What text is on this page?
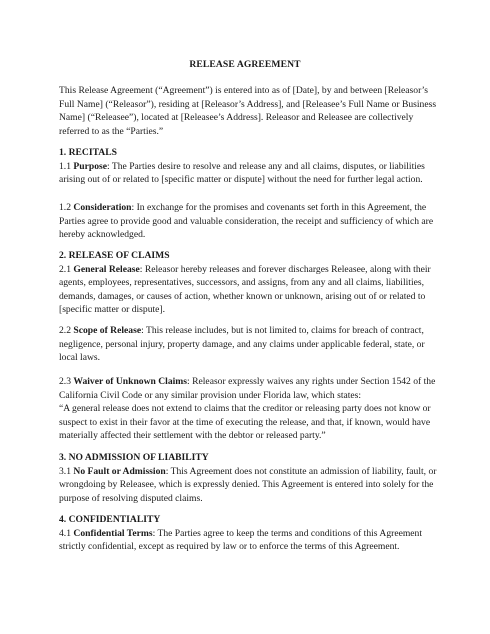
RELEASE AGREEMENT

This Release Agreement (“Agreement”) is entered into as of [Date], by and between [Releasor’s Full Name] (“Releasor”), residing at [Releasor’s Address], and [Releasee’s Full Name or Business Name] (“Releasee”), located at [Releasee’s Address]. Releasor and Releasee are collectively referred to as the “Parties.”

1. RECITALS

1.1 Purpose: The Parties desire to resolve and release any and all claims, disputes, or liabilities arising out of or related to [specific matter or dispute] without the need for further legal action.

1.2 Consideration: In exchange for the promises and covenants set forth in this Agreement, the Parties agree to provide good and valuable consideration, the receipt and sufficiency of which are hereby acknowledged.

2. RELEASE OF CLAIMS

2.1 General Release: Releasor hereby releases and forever discharges Releasee, along with their agents, employees, representatives, successors, and assigns, from any and all claims, liabilities, demands, damages, or causes of action, whether known or unknown, arising out of or related to [specific matter or dispute].

2.2 Scope of Release: This release includes, but is not limited to, claims for breach of contract, negligence, personal injury, property damage, and any claims under applicable federal, state, or local laws.

2.3 Waiver of Unknown Claims: Releasor expressly waives any rights under Section 1542 of the California Civil Code or any similar provision under Florida law, which states:

“A general release does not extend to claims that the creditor or releasing party does not know or suspect to exist in their favor at the time of executing the release, and that, if known, would have materially affected their settlement with the debtor or released party.”

3. NO ADMISSION OF LIABILITY

3.1 No Fault or Admission: This Agreement does not constitute an admission of liability, fault, or wrongdoing by Releasee, which is expressly denied. This Agreement is entered into solely for the purpose of resolving disputed claims.

4. CONFIDENTIALITY

4.1 Confidential Terms: The Parties agree to keep the terms and conditions of this Agreement strictly confidential, except as required by law or to enforce the terms of this Agreement.
